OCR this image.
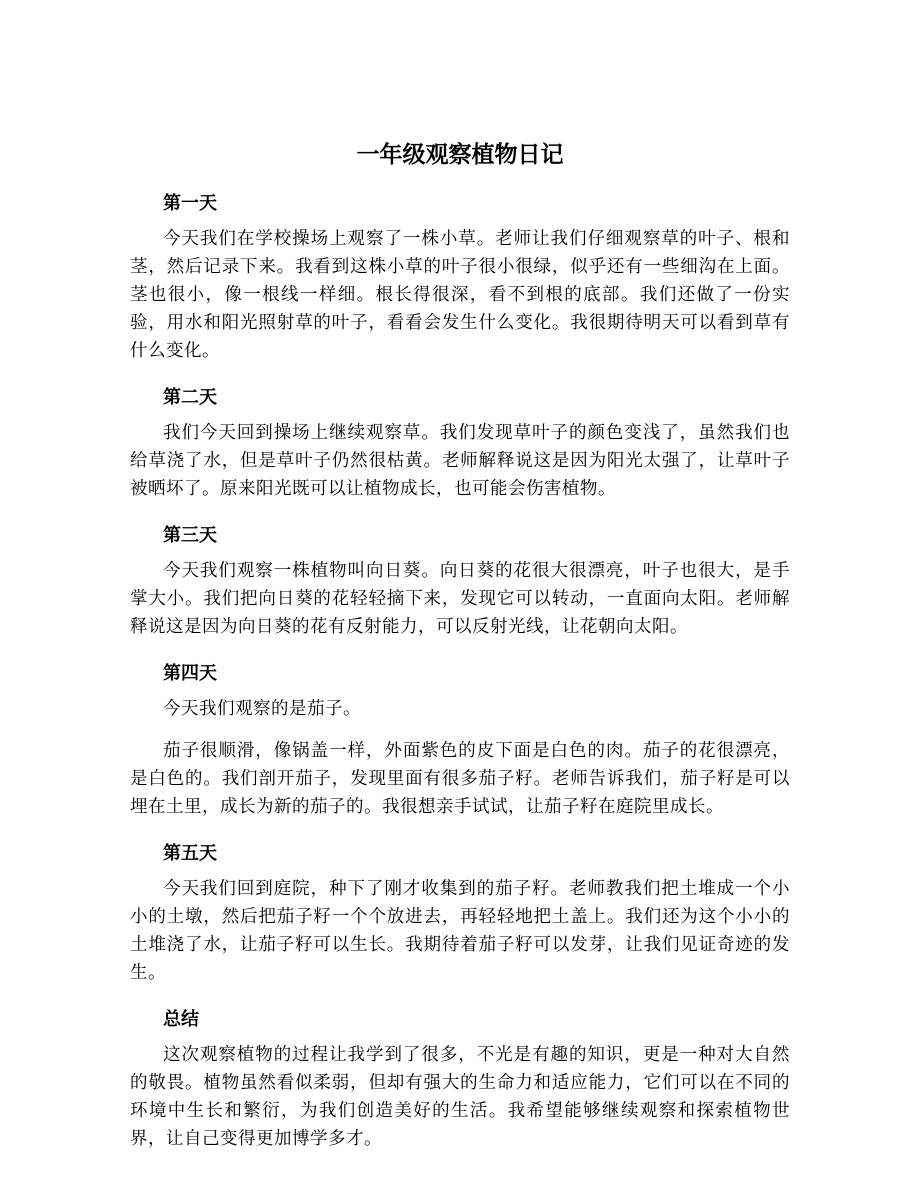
一年级观察植物日记
第一天

今天我们在学校操场上观察了一株小草。老师让我们仔细观察草的叶子、根和茎，然后记录下来。我看到这株小草的叶子很小很绿，似乎还有一些细沟在上面。茎也很小，像一根线一样细。根长得很深，看不到根的底部。我们还做了一份实验，用水和阳光照射草的叶子，看看会发生什么变化。我很期待明天可以看到草有什么变化。

第二天

我们今天回到操场上继续观察草。我们发现草叶子的颜色变浅了，虽然我们也给草浇了水，但是草叶子仍然很枯黄。老师解释说这是因为阳光太强了，让草叶子被晒坏了。原来阳光既可以让植物成长，也可能会伤害植物。

第三天

今天我们观察一株植物叫向日葵。向日葵的花很大很漂亮，叶子也很大，是手掌大小。我们把向日葵的花轻轻摘下来，发现它可以转动，一直面向太阳。老师解释说这是因为向日葵的花有反射能力，可以反射光线，让花朝向太阳。

第四天

今天我们观察的是茄子。

茄子很顺滑，像锅盖一样，外面紫色的皮下面是白色的肉。茄子的花很漂亮，是白色的。我们剖开茄子，发现里面有很多茄子籽。老师告诉我们，茄子籽是可以埋在土里，成长为新的茄子的。我很想亲手试试，让茄子籽在庭院里成长。

第五天

今天我们回到庭院，种下了刚才收集到的茄子籽。老师教我们把土堆成一个小小的土墩，然后把茄子籽一个个放进去，再轻轻地把土盖上。我们还为这个小小的土堆浇了水，让茄子籽可以生长。我期待着茄子籽可以发芽，让我们见证奇迹的发生。

总结

这次观察植物的过程让我学到了很多，不光是有趣的知识，更是一种对大自然的敬畏。植物虽然看似柔弱，但却有强大的生命力和适应能力，它们可以在不同的环境中生长和繁衍，为我们创造美好的生活。我希望能够继续观察和探索植物世界，让自己变得更加博学多才。
